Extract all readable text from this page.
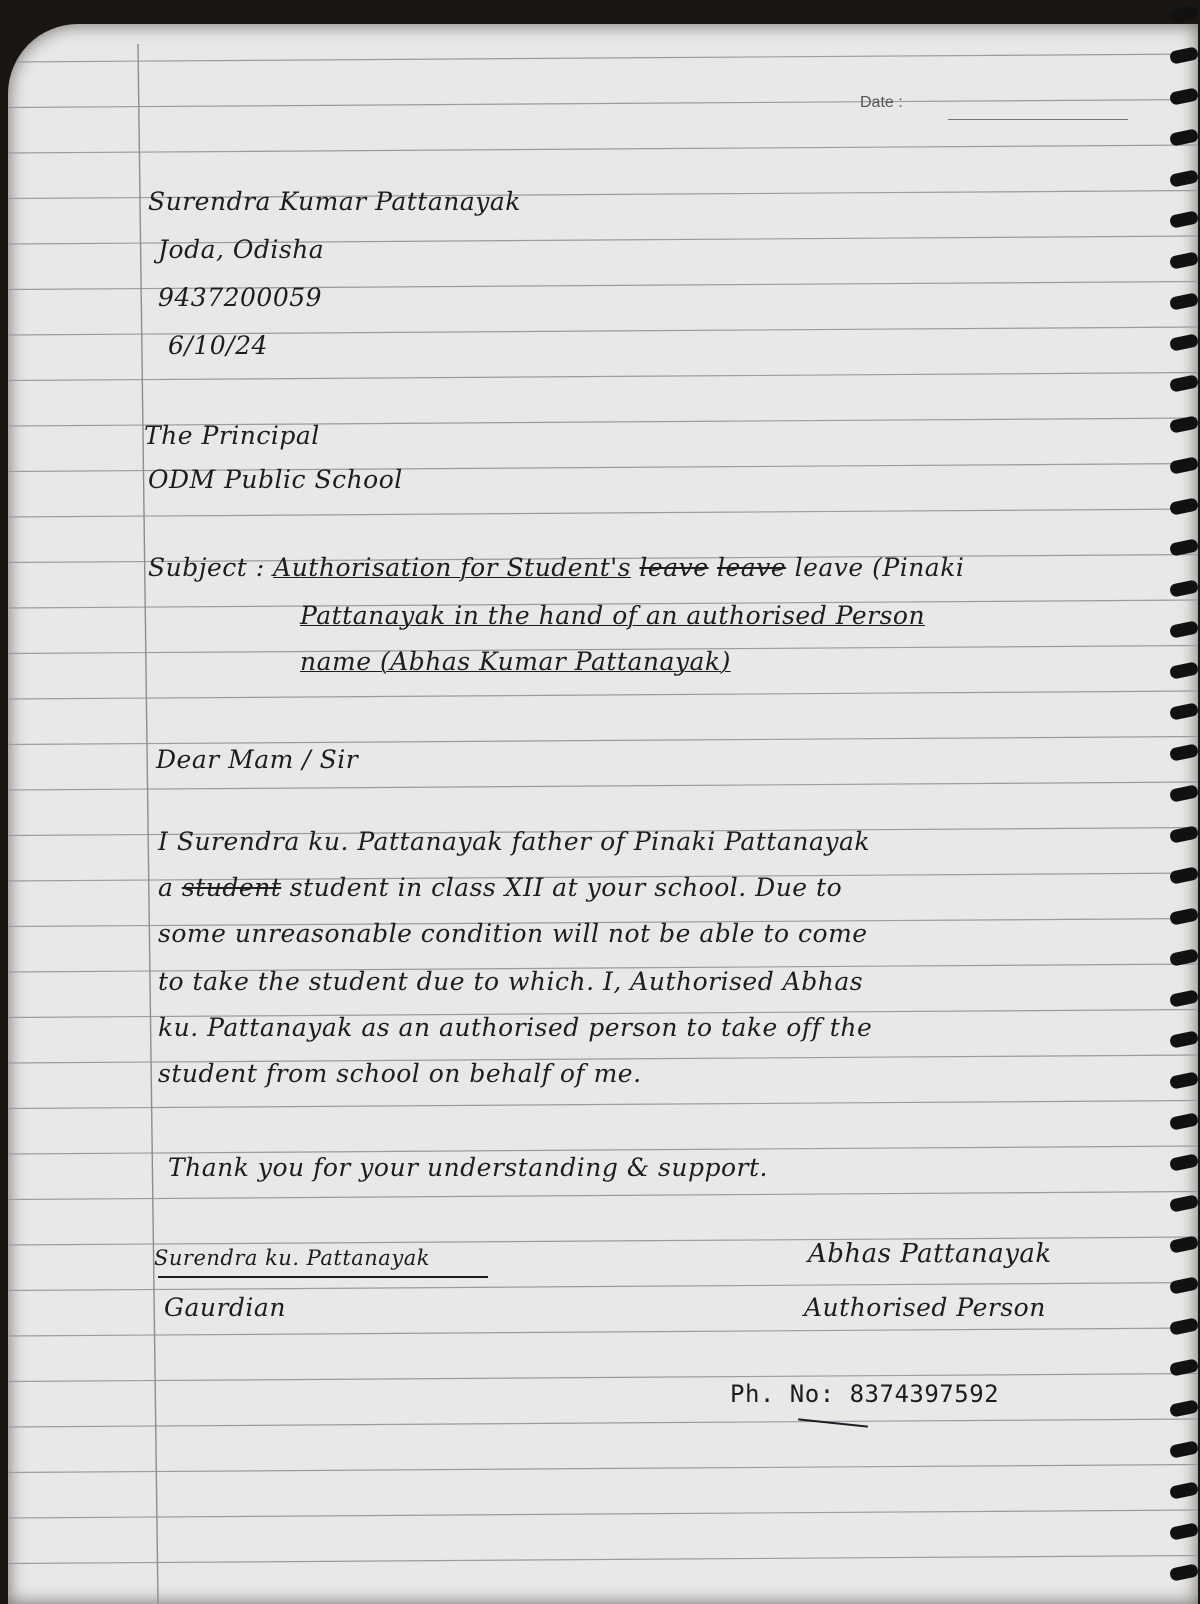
Date :

Surendra Kumar Pattanayak

Joda, Odisha

9437200059

6/10/24

The Principal

ODM Public School

Subject : Authorisation for Student's leave leave leave (Pinaki

Pattanayak in the hand of an authorised Person

name (Abhas Kumar Pattanayak)

Dear Mam / Sir

I Surendra ku. Pattanayak father of Pinaki Pattanayak

a student student in class XII at your school. Due to

some unreasonable condition will not be able to come

to take the student due to which. I, Authorised Abhas

ku. Pattanayak as an authorised person to take off the

student from school on behalf of me.

Thank you for your understanding & support.

Surendra ku. Pattanayak

Gaurdian

Abhas Pattanayak

Authorised Person

Ph. No: 8374397592
